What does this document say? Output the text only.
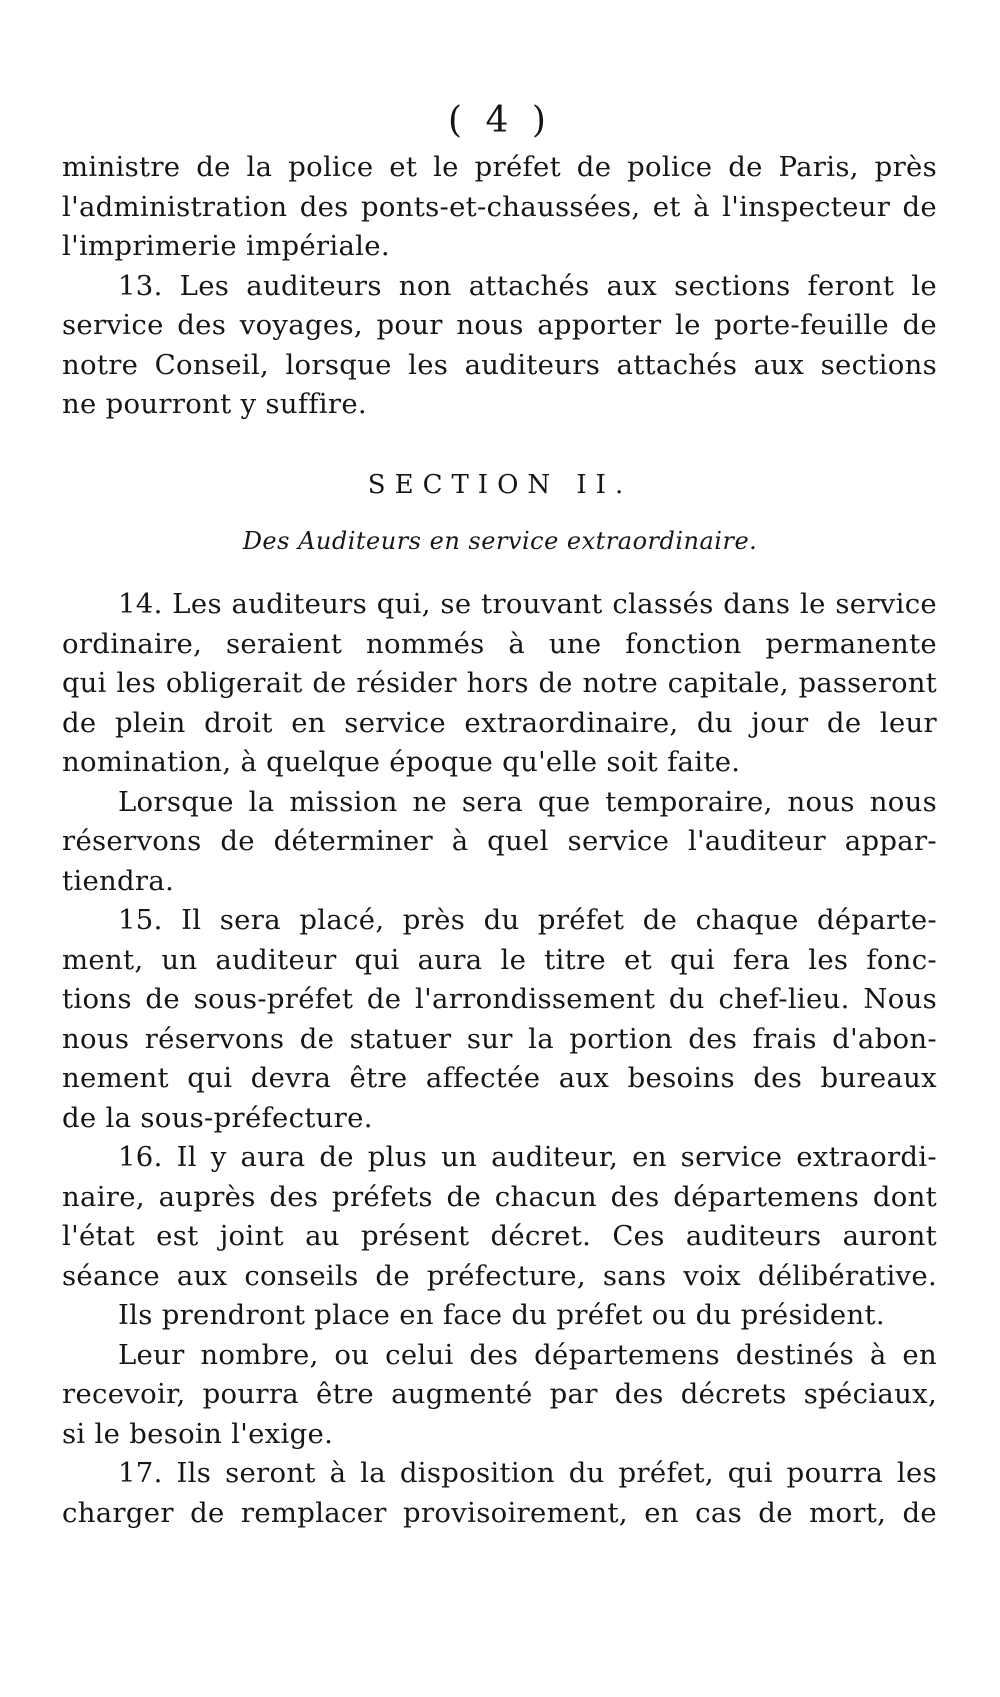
( 4 )
ministre de la police et le préfet de police de Paris, près
l'administration des ponts-et-chaussées, et à l'inspecteur de
l'imprimerie impériale.
13. Les auditeurs non attachés aux sections feront le
service des voyages, pour nous apporter le porte-feuille de
notre Conseil, lorsque les auditeurs attachés aux sections
ne pourront y suffire.
SECTION II.
Des Auditeurs en service extraordinaire.
14. Les auditeurs qui, se trouvant classés dans le service
ordinaire, seraient nommés à une fonction permanente
qui les obligerait de résider hors de notre capitale, passeront
de plein droit en service extraordinaire, du jour de leur
nomination, à quelque époque qu'elle soit faite.
Lorsque la mission ne sera que temporaire, nous nous
réservons de déterminer à quel service l'auditeur appar-
tiendra.
15. Il sera placé, près du préfet de chaque départe-
ment, un auditeur qui aura le titre et qui fera les fonc-
tions de sous-préfet de l'arrondissement du chef-lieu. Nous
nous réservons de statuer sur la portion des frais d'abon-
nement qui devra être affectée aux besoins des bureaux
de la sous-préfecture.
16. Il y aura de plus un auditeur, en service extraordi-
naire, auprès des préfets de chacun des départemens dont
l'état est joint au présent décret. Ces auditeurs auront
séance aux conseils de préfecture, sans voix délibérative.
Ils prendront place en face du préfet ou du président.
Leur nombre, ou celui des départemens destinés à en
recevoir, pourra être augmenté par des décrets spéciaux,
si le besoin l'exige.
17. Ils seront à la disposition du préfet, qui pourra les
charger de remplacer provisoirement, en cas de mort, de
